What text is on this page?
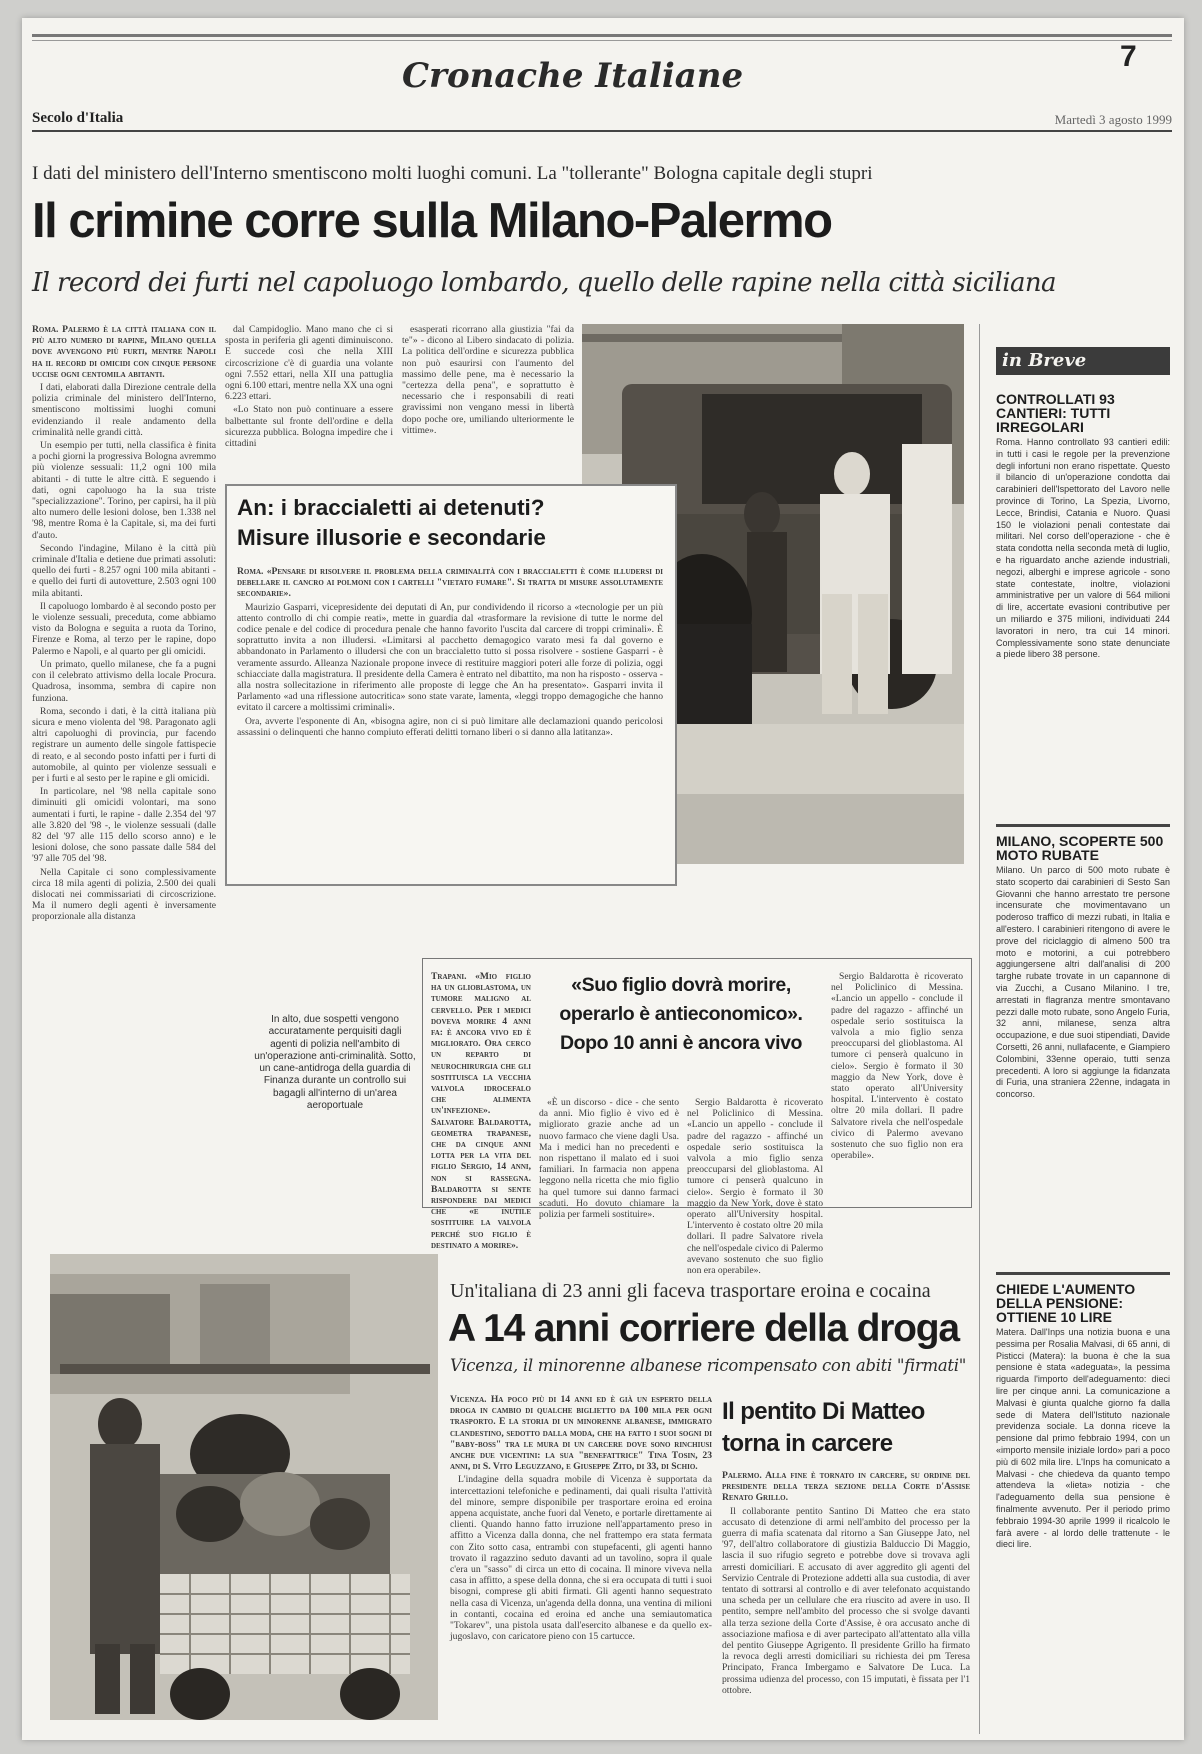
Cronache Italiane	7
Secolo d'Italia	Martedì 3 agosto 1999
I dati del ministero dell'Interno smentiscono molti luoghi comuni. La "tollerante" Bologna capitale degli stupri
Il crimine corre sulla Milano-Palermo
Il record dei furti nel capoluogo lombardo, quello delle rapine nella città siciliana

Roma. Palermo è la città italiana con il più alto numero di rapine, Milano quella dove avvengono più furti, mentre Napoli ha il record di omicidi con cinque persone uccise ogni centomila abitanti.

I dati, elaborati dalla Direzione centrale della polizia criminale del ministero dell'Interno, smentiscono moltissimi luoghi comuni evidenziando il reale andamento della criminalità nelle grandi città.

Un esempio per tutti, nella classifica è finita a pochi giorni la progressiva Bologna avremmo più violenze sessuali: 11,2 ogni 100 mila abitanti - di tutte le altre città. E seguendo i dati, ogni capoluogo ha la sua triste "specializzazione". Torino, per capirsi, ha il più alto numero delle lesioni dolose, ben 1.338 nel '98, mentre Roma è la Capitale, si, ma dei furti d'auto.

Secondo l'indagine, Milano è la città più criminale d'Italia e detiene due primati assoluti: quello dei furti - 8.257 ogni 100 mila abitanti - e quello dei furti di autovetture, 2.503 ogni 100 mila abitanti.

Il capoluogo lombardo è al secondo posto per le violenze sessuali, preceduta, come abbiamo visto da Bologna e seguita a ruota da Torino, Firenze e Roma, al terzo per le rapine, dopo Palermo e Napoli, e al quarto per gli omicidi.

Un primato, quello milanese, che fa a pugni con il celebrato attivismo della locale Procura. Quadrosa, insomma, sembra di capire non funziona.

Roma, secondo i dati, è la città italiana più sicura e meno violenta del '98. Paragonato agli altri capoluoghi di provincia, pur facendo registrare un aumento delle singole fattispecie di reato, e al secondo posto infatti per i furti di automobile, al quinto per violenze sessuali e per i furti e al sesto per le rapine e gli omicidi.

In particolare, nel '98 nella capitale sono diminuiti gli omicidi volontari, ma sono aumentati i furti, le rapine - dalle 2.354 del '97 alle 3.820 del '98 -, le violenze sessuali (dalle 82 del '97 alle 115 dello scorso anno) e le lesioni dolose, che sono passate dalle 584 del '97 alle 705 del '98.

Nella Capitale ci sono complessivamente circa 18 mila agenti di polizia, 2.500 dei quali dislocati nei commissariati di circoscrizione. Ma il numero degli agenti è inversamente proporzionale alla distanza

dal Campidoglio. Mano mano che ci si sposta in periferia gli agenti diminuiscono. E succede così che nella XIII circoscrizione c'è di guardia una volante ogni 7.552 ettari, nella XII una pattuglia ogni 6.100 ettari, mentre nella XX una ogni 6.223 ettari.

«Lo Stato non può continuare a essere balbettante sul fronte dell'ordine e della sicurezza pubblica. Bologna impedire che i cittadini

esasperati ricorrano alla giustizia "fai da te"» - dicono al Libero sindacato di polizia. La politica dell'ordine e sicurezza pubblica non può esaurirsi con l'aumento del massimo delle pene, ma è necessario la "certezza della pena", e soprattutto è necessario che i responsabili di reati gravissimi non vengano messi in libertà dopo poche ore, umiliando ulteriormente le vittime».

An: i braccialetti ai detenuti?
Misure illusorie e secondarie

Roma. «Pensare di risolvere il problema della criminalità con i braccialetti è come illudersi di debellare il cancro ai polmoni con i cartelli "vietato fumare". Si tratta di misure assolutamente secondarie».

Maurizio Gasparri, vicepresidente dei deputati di An, pur condividendo il ricorso a «tecnologie per un più attento controllo di chi compie reati», mette in guardia dal «trasformare la revisione di tutte le norme del codice penale e del codice di procedura penale che hanno favorito l'uscita dal carcere di troppi criminali». È soprattutto invita a non illudersi. «Limitarsi al pacchetto demagogico varato mesi fa dal governo e abbandonato in Parlamento o illudersi che con un braccialetto tutto si possa risolvere - sostiene Gasparri - è veramente assurdo. Alleanza Nazionale propone invece di restituire maggiori poteri alle forze di polizia, oggi schiacciate dalla magistratura. Il presidente della Camera è entrato nel dibattito, ma non ha risposto - osserva - alla nostra sollecitazione in riferimento alle proposte di legge che An ha presentato». Gasparri invita il Parlamento «ad una riflessione autocritica» sono state varate, lamenta, «leggi troppo demagogiche che hanno evitato il carcere a moltissimi criminali».

Ora, avverte l'esponente di An, «bisogna agire, non ci si può limitare alle declamazioni quando pericolosi assassini o delinquenti che hanno compiuto efferati delitti tornano liberi o si danno alla latitanza».

in Breve
CONTROLLATI 93 CANTIERI: TUTTI IRREGOLARI

Roma. Hanno controllato 93 cantieri edili: in tutti i casi le regole per la prevenzione degli infortuni non erano rispettate. Questo il bilancio di un'operazione condotta dai carabinieri dell'Ispettorato del Lavoro nelle province di Torino, La Spezia, Livorno, Lecce, Brindisi, Catania e Nuoro. Quasi 150 le violazioni penali contestate dai militari. Nel corso dell'operazione - che è stata condotta nella seconda metà di luglio, e ha riguardato anche aziende industriali, negozi, alberghi e imprese agricole - sono state contestate, inoltre, violazioni amministrative per un valore di 564 milioni di lire, accertate evasioni contributive per un miliardo e 375 milioni, individuati 244 lavoratori in nero, tra cui 14 minori. Complessivamente sono state denunciate a piede libero 38 persone.

MILANO, SCOPERTE 500 MOTO RUBATE

Milano. Un parco di 500 moto rubate è stato scoperto dai carabinieri di Sesto San Giovanni che hanno arrestato tre persone incensurate che movimentavano un poderoso traffico di mezzi rubati, in Italia e all'estero. I carabinieri ritengono di avere le prove del riciclaggio di almeno 500 tra moto e motorini, a cui potrebbero aggiungersene altri dall'analisi di 200 targhe rubate trovate in un capannone di via Zucchi, a Cusano Milanino. I tre, arrestati in flagranza mentre smontavano pezzi dalle moto rubate, sono Angelo Furia, 32 anni, milanese, senza altra occupazione, e due suoi stipendiati, Davide Corsetti, 26 anni, nullafacente, e Giampiero Colombini, 33enne operaio, tutti senza precedenti. A loro si aggiunge la fidanzata di Furia, una straniera 22enne, indagata in concorso.

CHIEDE L'AUMENTO DELLA PENSIONE: OTTIENE 10 LIRE

Matera. Dall'Inps una notizia buona e una pessima per Rosalia Malvasi, di 65 anni, di Pisticci (Matera): la buona è che la sua pensione è stata «adeguata», la pessima riguarda l'importo dell'adeguamento: dieci lire per cinque anni. La comunicazione a Malvasi è giunta qualche giorno fa dalla sede di Matera dell'Istituto nazionale previdenza sociale. La donna riceve la pensione dal primo febbraio 1994, con un «importo mensile iniziale lordo» pari a poco più di 602 mila lire. L'Inps ha comunicato a Malvasi - che chiedeva da quanto tempo attendeva la «lieta» notizia - che l'adeguamento della sua pensione è finalmente avvenuto. Per il periodo primo febbraio 1994-30 aprile 1999 il ricalcolo le farà avere - al lordo delle trattenute - le dieci lire.

In alto, due sospetti vengono accuratamente perquisiti dagli agenti di polizia nell'ambito di un'operazione anti-criminalità. Sotto, un cane-antidroga della guardia di Finanza durante un controllo sui bagagli all'interno di un'area aeroportuale

Trapani. «Mio figlio ha un glioblastoma, un tumore maligno al cervello. Per i medici doveva morire 4 anni fa: è ancora vivo ed è migliorato. Ora cerco un reparto di neurochirurgia che gli sostituisca la vecchia valvola idrocefalo che alimenta un'infezione». Salvatore Baldarotta, geometra trapanese, che da cinque anni lotta per la vita del figlio Sergio, 14 anni, non si rassegna. Baldarotta si sente rispondere dai medici che «e inutile sostituire la valvola perché suo figlio è destinato a morire».

«Suo figlio dovrà morire, operarlo è antieconomico». Dopo 10 anni è ancora vivo

«È un discorso - dice - che sento da anni. Mio figlio è vivo ed è migliorato grazie anche ad un nuovo farmaco che viene dagli Usa. Ma i medici han no precedenti e non rispettano il malato ed i suoi familiari. In farmacia non appena leggono nella ricetta che mio figlio ha quel tumore sui danno farmaci scaduti. Ho dovuto chiamare la polizia per farmeli sostituire».

Sergio Baldarotta è ricoverato nel Policlinico di Messina. «Lancio un appello - conclude il padre del ragazzo - affinché un ospedale serio sostituisca la valvola a mio figlio senza preoccuparsi del glioblastoma. Al tumore ci penserà qualcuno in cielo». Sergio è formato il 30 maggio da New York, dove è stato operato all'University hospital. L'intervento è costato oltre 20 mila dollari. Il padre Salvatore rivela che nell'ospedale civico di Palermo avevano sostenuto che suo figlio non era operabile».

Sergio Baldarotta è ricoverato nel Policlinico di Messina. «Lancio un appello - conclude il padre del ragazzo - affinché un ospedale serio sostituisca la valvola a mio figlio senza preoccuparsi del glioblastoma. Al tumore ci penserà qualcuno in cielo». Sergio è formato il 30 maggio da New York, dove è stato operato all'University hospital. L'intervento è costato oltre 20 mila dollari. Il padre Salvatore rivela che nell'ospedale civico di Palermo avevano sostenuto che suo figlio non era operabile».

Un'italiana di 23 anni gli faceva trasportare eroina e cocaina
A 14 anni corriere della droga
Vicenza, il minorenne albanese ricompensato con abiti "firmati"

Vicenza. Ha poco più di 14 anni ed è già un esperto della droga in cambio di qualche biglietto da 100 mila per ogni trasporto. E la storia di un minorenne albanese, immigrato clandestino, sedotto dalla moda, che ha fatto i suoi sogni di "baby-boss" tra le mura di un carcere dove sono rinchiusi anche due vicentini: la sua "benefattrice" Tina Tosin, 23 anni, di S. Vito Leguzzano, e Giuseppe Zito, di 33, di Schio.

L'indagine della squadra mobile di Vicenza è supportata da intercettazioni telefoniche e pedinamenti, dai quali risulta l'attività del minore, sempre disponibile per trasportare eroina ed eroina appena acquistate, anche fuori dal Veneto, e portarle direttamente ai clienti. Quando hanno fatto irruzione nell'appartamento preso in affitto a Vicenza dalla donna, che nel frattempo era stata fermata con Zito sotto casa, entrambi con stupefacenti, gli agenti hanno trovato il ragazzino seduto davanti ad un tavolino, sopra il quale c'era un "sasso" di circa un etto di cocaina. Il minore viveva nella casa in affitto, a spese della donna, che si era occupata di tutti i suoi bisogni, comprese gli abiti firmati. Gli agenti hanno sequestrato nella casa di Vicenza, un'agenda della donna, una ventina di milioni in contanti, cocaina ed eroina ed anche una semiautomatica "Tokarev", una pistola usata dall'esercito albanese e da quello ex-jugoslavo, con caricatore pieno con 15 cartucce.

Il pentito Di Matteo torna in carcere

Palermo. Alla fine è tornato in carcere, su ordine del presidente della terza sezione della Corte d'Assise Renato Grillo.

Il collaborante pentito Santino Di Matteo che era stato accusato di detenzione di armi nell'ambito del processo per la guerra di mafia scatenata dal ritorno a San Giuseppe Jato, nel '97, dell'altro collaboratore di giustizia Balduccio Di Maggio, lascia il suo rifugio segreto e potrebbe dove si trovava agli arresti domiciliari. E accusato di aver aggredito gli agenti del Servizio Centrale di Protezione addetti alla sua custodia, di aver tentato di sottrarsi al controllo e di aver telefonato acquistando una scheda per un cellulare che era riuscito ad avere in uso. Il pentito, sempre nell'ambito del processo che si svolge davanti alla terza sezione della Corte d'Assise, è ora accusato anche di associazione mafiosa e di aver partecipato all'attentato alla villa del pentito Giuseppe Agrigento. Il presidente Grillo ha firmato la revoca degli arresti domiciliari su richiesta dei pm Teresa Principato, Franca Imbergamo e Salvatore De Luca. La prossima udienza del processo, con 15 imputati, è fissata per l'1 ottobre.
